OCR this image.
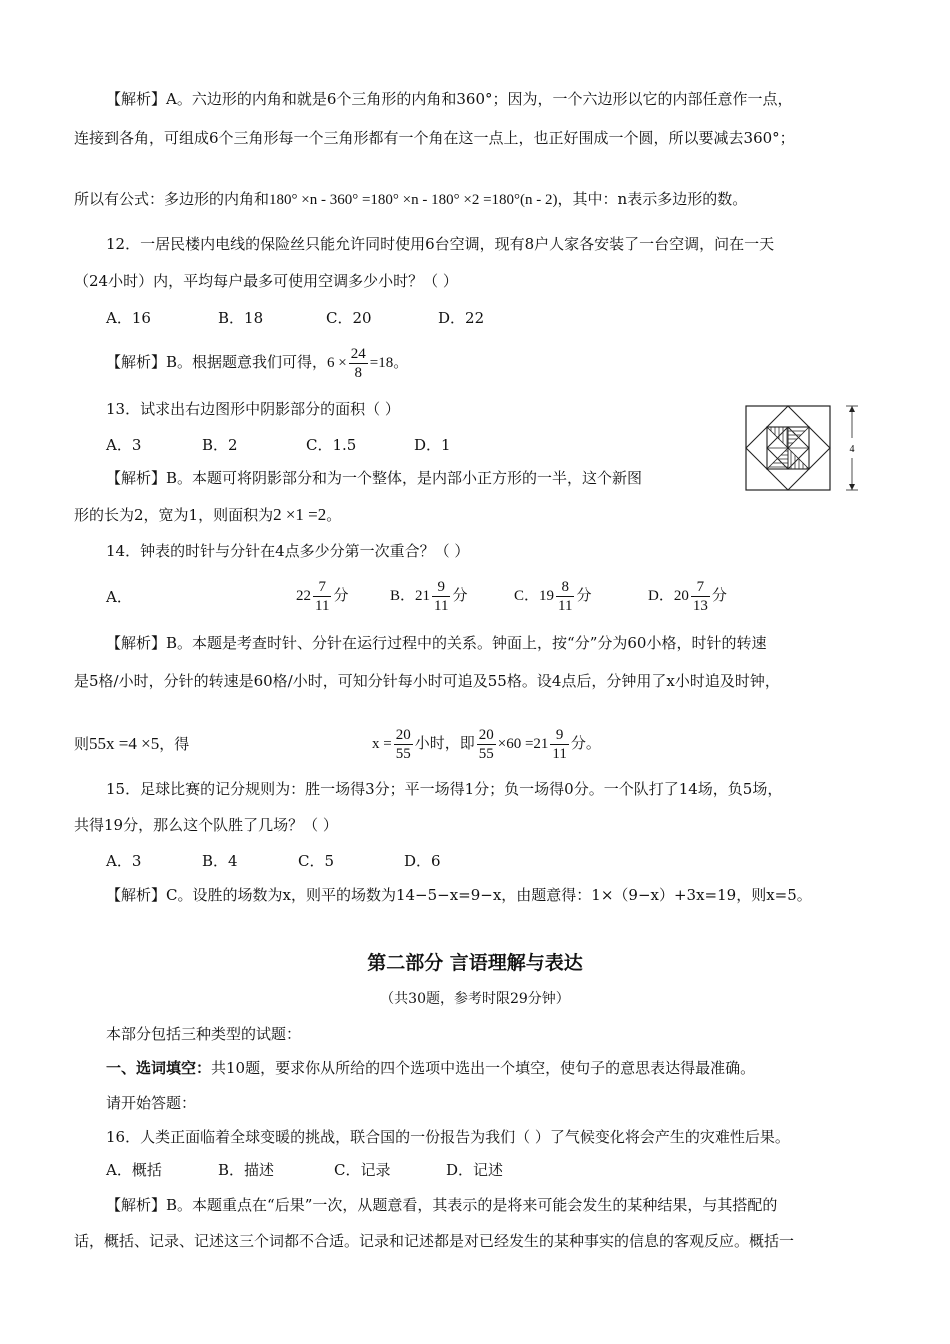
【解析】A。六边形的内角和就是6个三角形的内角和360°；因为，一个六边形以它的内部任意作一点，
连接到各角，可组成6个三角形每一个三角形都有一个角在这一点上，也正好围成一个圆，所以要减去360°；
所以有公式：多边形的内角和180° ×n - 360° =180° ×n - 180° ×2 =180°(n - 2)，其中：n表示多边形的数。
12．一居民楼内电线的保险丝只能允许同时使用6台空调，现有8户人家各安装了一台空调，问在一天
（24小时）内，平均每户最多可使用空调多少小时？（ ）
A．16	B．18	C．20	D．22
【解析】B。根据题意我们可得，$6 \times \frac{24}{8} =18$。
13．试求出右边图形中阴影部分的面积（ ）
A．3	B．2	C．1.5	D．1	4
【解析】B。本题可将阴影部分和为一个整体，是内部小正方形的一半，这个新图
形的长为2，宽为1，则面积为2 ×1 =2。
14．钟表的时针与分针在4点多少分第一次重合？（ ）
A．	$22 \frac{7}{11}$ 分	B．$21 \frac{9}{11}$ 分	C．$19 \frac{8}{11}$ 分	D．$20 \frac{7}{13}$ 分
【解析】B。本题是考查时针、分针在运行过程中的关系。钟面上，按“分”分为60小格，时针的转速
是5格/小时，分针的转速是60格/小时，可知分针每小时可追及55格。设4点后，分钟用了x小时追及时钟，
则55x =4 ×5，得	$x = \frac{20}{55}$ 小时，即 $\frac{20}{55} \times 60 =21 \frac{9}{11}$ 分。
15．足球比赛的记分规则为：胜一场得3分；平一场得1分；负一场得0分。一个队打了14场，负5场，
共得19分，那么这个队胜了几场？（ ）
A．3	B．4	C．5	D．6
【解析】C。设胜的场数为x，则平的场数为14−5−x=9−x，由题意得：1×（9−x）+3x=19，则x=5。
第二部分 言语理解与表达
（共30题，参考时限29分钟）
本部分包括三种类型的试题：
一、选词填空：共10题，要求你从所给的四个选项中选出一个填空，使句子的意思表达得最准确。
请开始答题：
16．人类正面临着全球变暖的挑战，联合国的一份报告为我们（ ）了气候变化将会产生的灾难性后果。
A．概括	B．描述	C．记录	D．记述
【解析】B。本题重点在“后果”一次，从题意看，其表示的是将来可能会发生的某种结果，与其搭配的
话，概括、记录、记述这三个词都不合适。记录和记述都是对已经发生的某种事实的信息的客观反应。概括一
